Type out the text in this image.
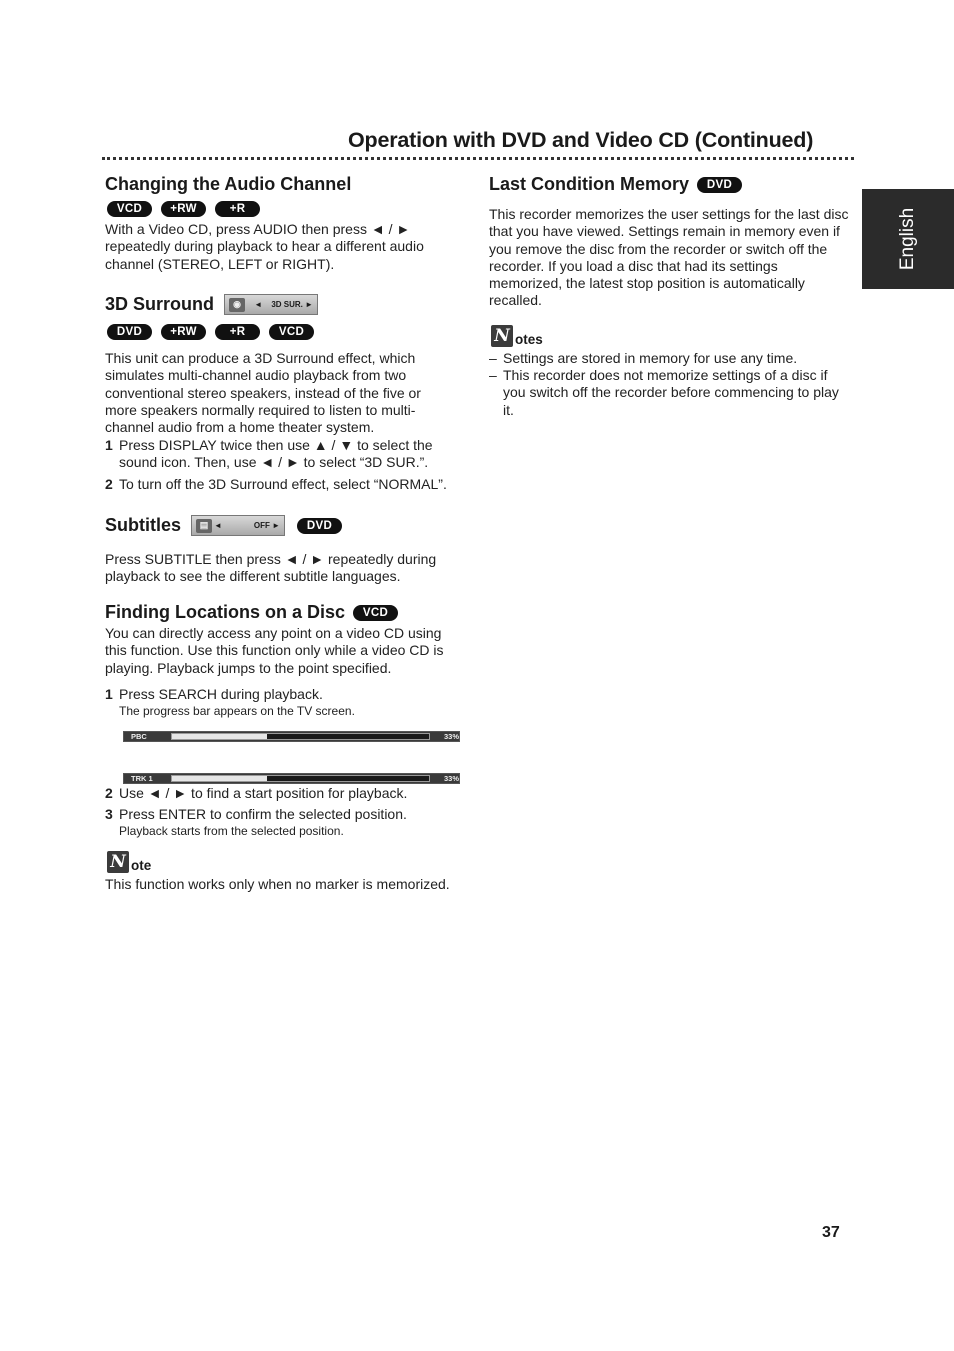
Operation with DVD and Video CD (Continued)
English
Changing the Audio Channel
VCD	+RW	+R

With a Video CD, press AUDIO then press ◄ / ► repeatedly during playback to hear a different audio channel (STEREO, LEFT or RIGHT).

3D Surround	◉	◄ 3D SUR. ►
DVD	+RW	+R	VCD

This unit can produce a 3D Surround effect, which simulates multi-channel audio playback from two conventional stereo speakers, instead of the five or more speakers normally required to listen to multi-channel audio from a home theater system.

1 Press DISPLAY twice then use ▲ / ▼ to select the sound icon. Then, use ◄ / ► to select “3D SUR.”.
2 To turn off the 3D Surround effect, select “NORMAL”.
Subtitles	▤ ◄	OFF ►	DVD

Press SUBTITLE then press ◄ / ► repeatedly during playback to see the different subtitle languages.

Finding Locations on a Disc	VCD

You can directly access any point on a video CD using this function. Use this function only while a video CD is playing. Playback jumps to the point specified.

1 Press SEARCH during playback.
The progress bar appears on the TV screen.
PBC	33%
TRK 1	33%
2 Use ◄ / ► to find a start position for playback.
3 Press ENTER to confirm the selected position.
Playback starts from the selected position.
N ote

This function works only when no marker is memorized.

Last Condition Memory	DVD

This recorder memorizes the user settings for the last disc that you have viewed. Settings remain in memory even if you remove the disc from the recorder or switch off the recorder. If you load a disc that had its settings memorized, the latest stop position is automatically recalled.

N otes
– Settings are stored in memory for use any time.
– This recorder does not memorize settings of a disc if you switch off the recorder before commencing to play it.
37
